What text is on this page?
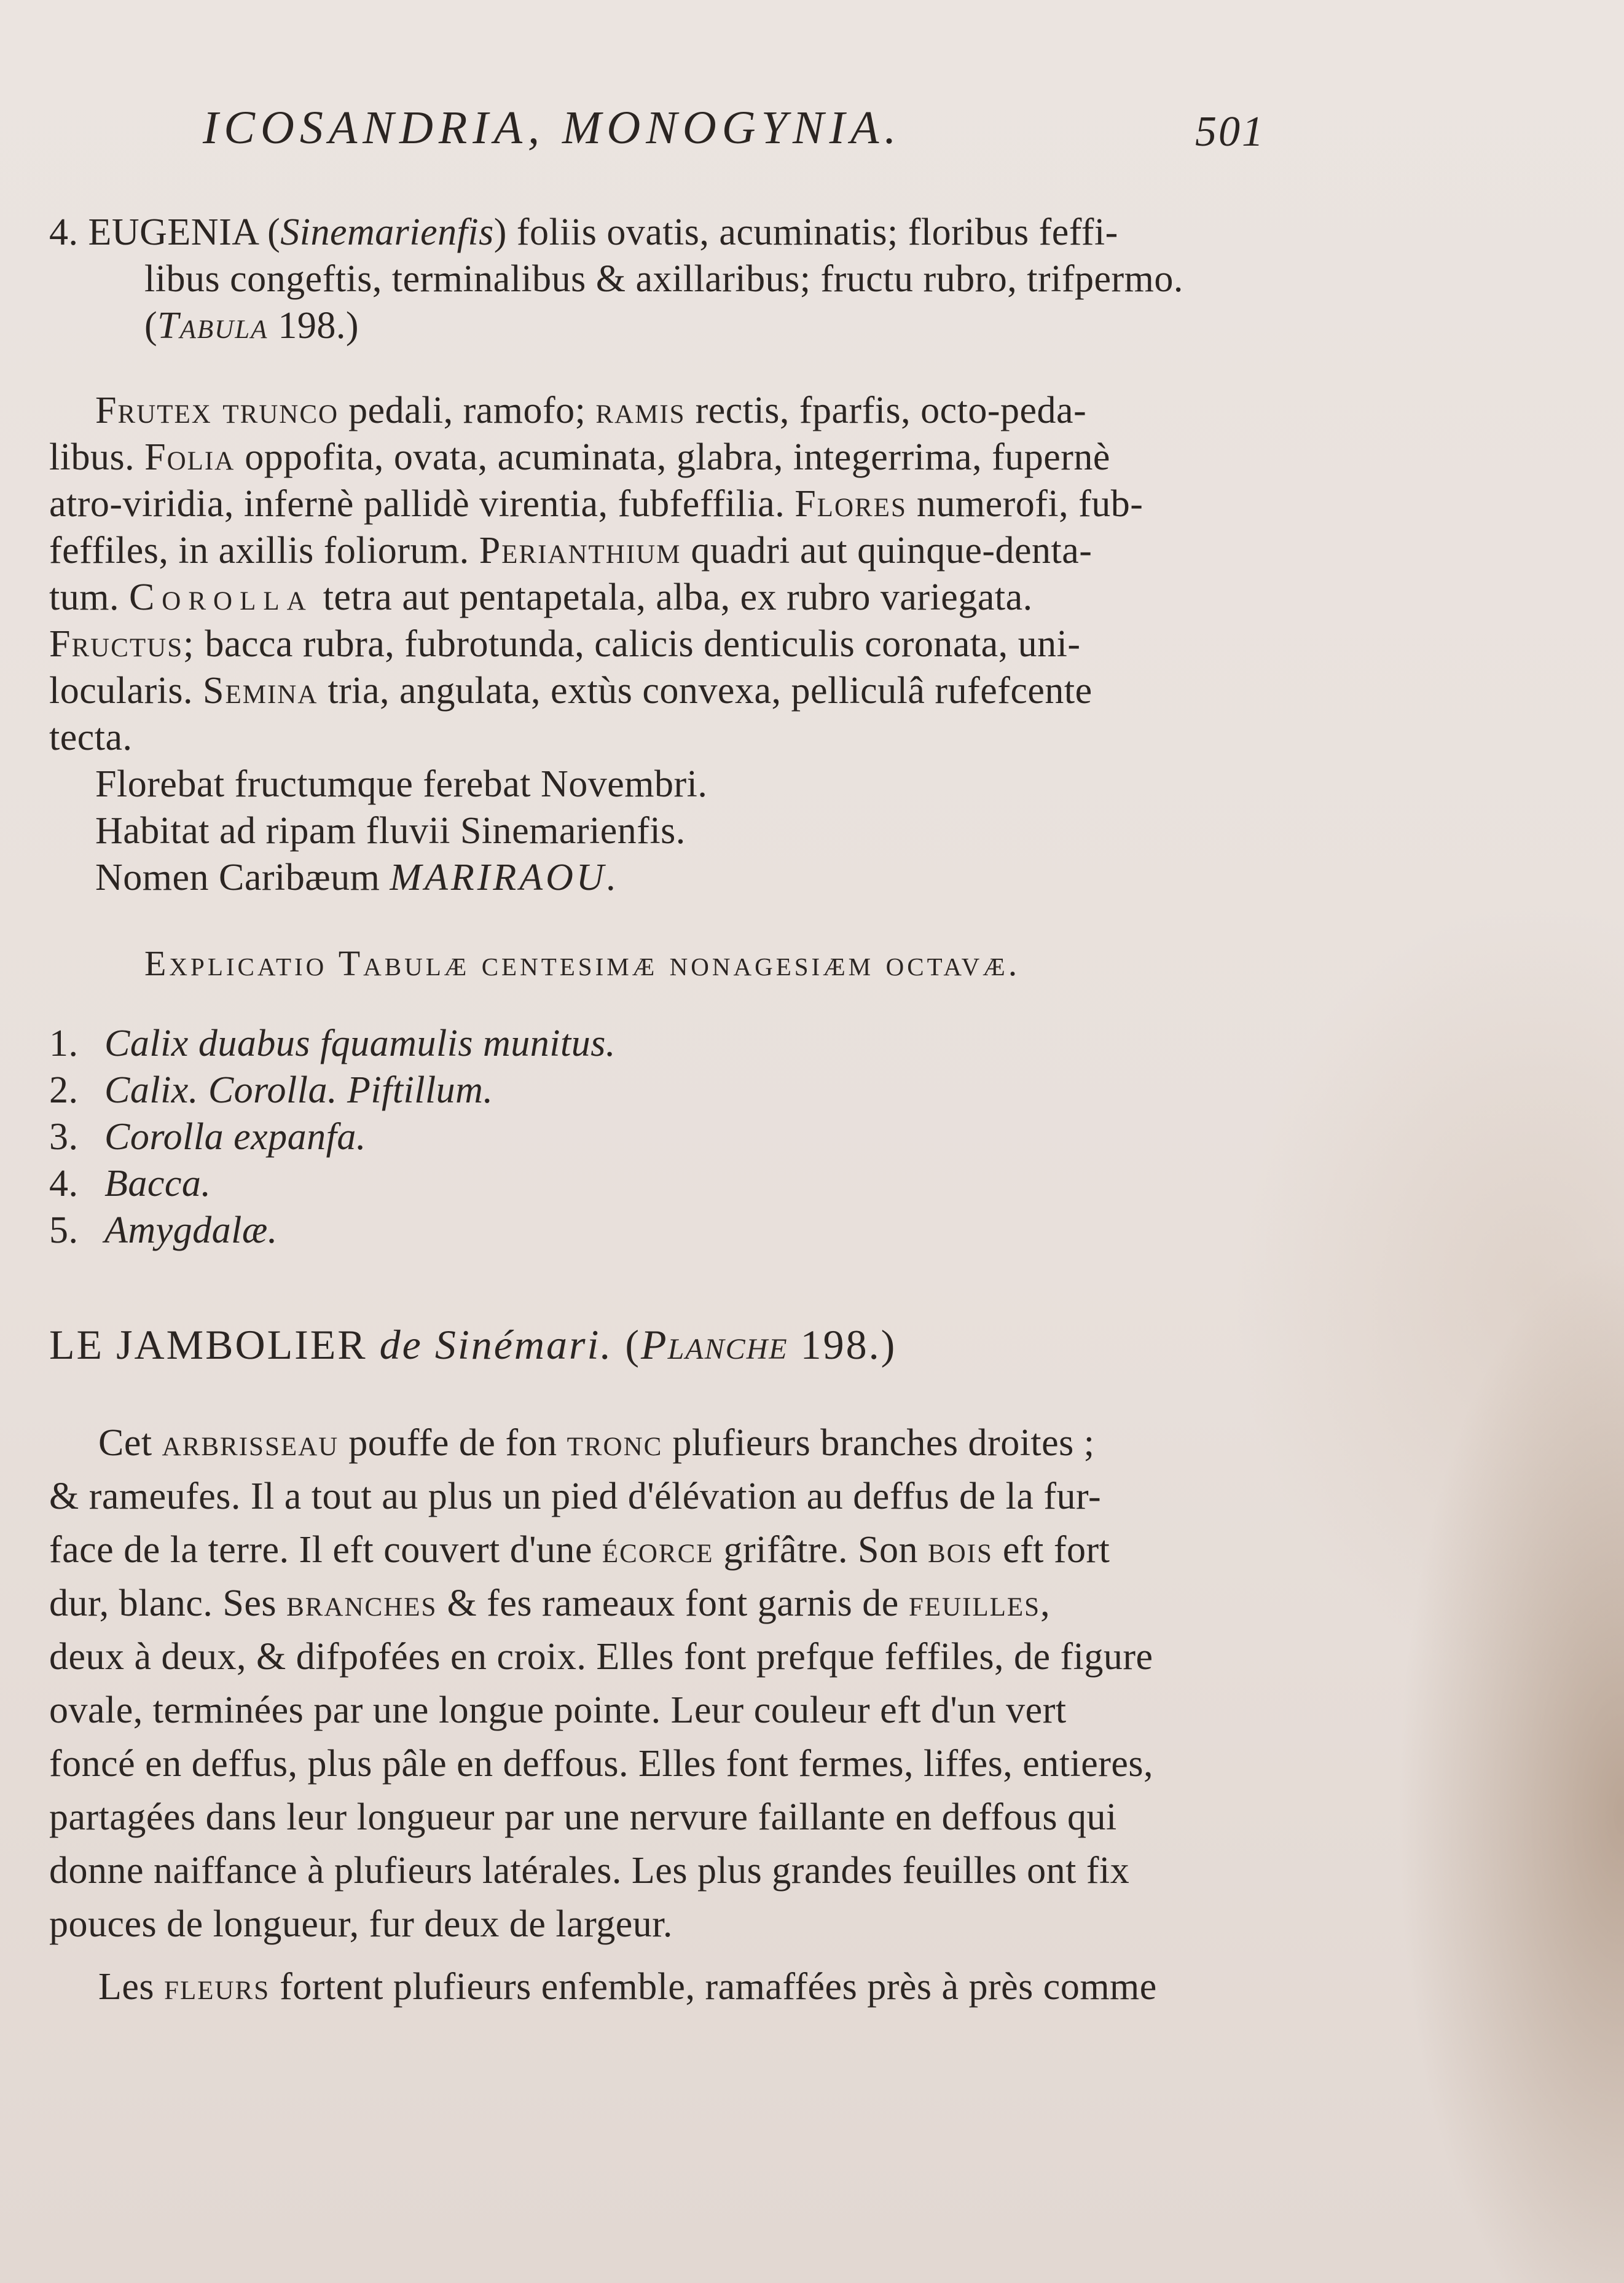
ICOSANDRIA, MONOGYNIA.	501
4. EUGENIA (Sinemarienfis) foliis ovatis, acuminatis; floribus feffi-
libus congeftis, terminalibus & axillaribus; fructu rubro, trifpermo.
(Tabula 198.)
Frutex trunco pedali, ramofo; ramis rectis, fparfis, octo-peda-
libus. Folia oppofita, ovata, acuminata, glabra, integerrima, fupernè
atro-viridia, infernè pallidè virentia, fubfeffilia. Flores numerofi, fub-
feffiles, in axillis foliorum. Perianthium quadri aut quinque-denta-
tum. Corolla tetra aut pentapetala, alba, ex rubro variegata.
Fructus; bacca rubra, fubrotunda, calicis denticulis coronata, uni-
locularis. Semina tria, angulata, extùs convexa, pelliculâ rufefcente
tecta.
Florebat fructumque ferebat Novembri.
Habitat ad ripam fluvii Sinemarienfis.
Nomen Caribæum MARIRAOU.
Explicatio Tabulæ centesimæ nonagesiæm octavæ.
1. Calix duabus fquamulis munitus.
2. Calix. Corolla. Piftillum.
3. Corolla expanfa.
4. Bacca.
5. Amygdalæ.
LE JAMBOLIER de Sinémari. (Planche 198.)
Cet arbrisseau pouffe de fon tronc plufieurs branches droites ;
& rameufes. Il a tout au plus un pied d'élévation au deffus de la fur-
face de la terre. Il eft couvert d'une écorce grifâtre. Son bois eft fort
dur, blanc. Ses branches & fes rameaux font garnis de feuilles,
deux à deux, & difpofées en croix. Elles font prefque feffiles, de figure
ovale, terminées par une longue pointe. Leur couleur eft d'un vert
foncé en deffus, plus pâle en deffous. Elles font fermes, liffes, entieres,
partagées dans leur longueur par une nervure faillante en deffous qui
donne naiffance à plufieurs latérales. Les plus grandes feuilles ont fix
pouces de longueur, fur deux de largeur.
Les fleurs fortent plufieurs enfemble, ramaffées près à près comme
